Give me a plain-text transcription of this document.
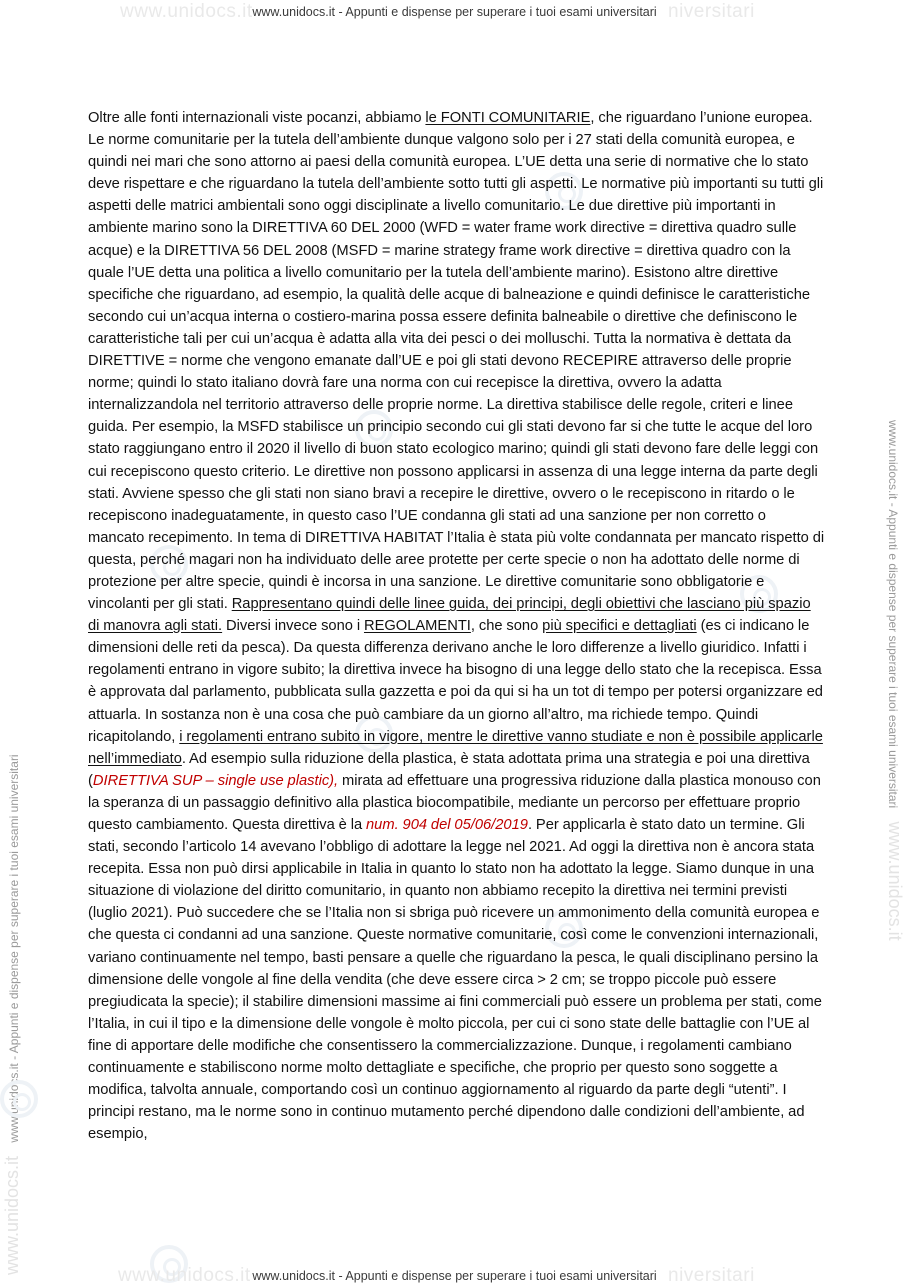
www.unidocs.it	niversitari
www.unidocs.it - Appunti e dispense per superare i tuoi esami universitari
www.unidocs.it    www.unidocs.it - Appunti e dispense per superare i tuoi esami universitari
www.unidocs.it - Appunti e dispense per superare i tuoi esami universitari    www.unidocs.it

Oltre alle fonti internazionali viste pocanzi, abbiamo le FONTI COMUNITARIE, che riguardano l’unione europea. Le norme comunitarie per la tutela dell’ambiente dunque valgono solo per i 27 stati della comunità europea, e quindi nei mari che sono attorno ai paesi della comunità europea. L’UE detta una serie di normative che lo stato deve rispettare e che riguardano la tutela dell’ambiente sotto tutti gli aspetti. Le normative più importanti su tutti gli aspetti delle matrici ambientali sono oggi disciplinate a livello comunitario. Le due direttive più importanti in ambiente marino sono la DIRETTIVA 60 DEL 2000 (WFD = water frame work directive = direttiva quadro sulle acque) e la DIRETTIVA 56 DEL 2008 (MSFD = marine strategy frame work directive = direttiva quadro con la quale l’UE detta una politica a livello comunitario per la tutela dell’ambiente marino). Esistono altre direttive specifiche che riguardano, ad esempio, la qualità delle acque di balneazione e quindi definisce le caratteristiche secondo cui un’acqua interna o costiero-marina possa essere definita balneabile o direttive che definiscono le caratteristiche tali per cui un’acqua è adatta alla vita dei pesci o dei molluschi. Tutta la normativa è dettata da DIRETTIVE = norme che vengono emanate dall’UE e poi gli stati devono RECEPIRE attraverso delle proprie norme; quindi lo stato italiano dovrà fare una norma con cui recepisce la direttiva, ovvero la adatta internalizzandola nel territorio attraverso delle proprie norme. La direttiva stabilisce delle regole, criteri e linee guida. Per esempio, la MSFD stabilisce un principio secondo cui gli stati devono far si che tutte le acque del loro stato raggiungano entro il 2020 il livello di buon stato ecologico marino; quindi gli stati devono fare delle leggi con cui recepiscono questo criterio. Le direttive non possono applicarsi in assenza di una legge interna da parte degli stati. Avviene spesso che gli stati non siano bravi a recepire le direttive, ovvero o le recepiscono in ritardo o le recepiscono inadeguatamente, in questo caso l’UE condanna gli stati ad una sanzione per non corretto o mancato recepimento. In tema di DIRETTIVA HABITAT l’Italia è stata più volte condannata per mancato rispetto di questa, perché magari non ha individuato delle aree protette per certe specie o non ha adottato delle norme di protezione per altre specie, quindi è incorsa in una sanzione. Le direttive comunitarie sono obbligatorie e vincolanti per gli stati. Rappresentano quindi delle linee guida, dei principi, degli obiettivi che lasciano più spazio di manovra agli stati. Diversi invece sono i REGOLAMENTI, che sono più specifici e dettagliati (es ci indicano le dimensioni delle reti da pesca). Da questa differenza derivano anche le loro differenze a livello giuridico. Infatti i regolamenti entrano in vigore subito; la direttiva invece ha bisogno di una legge dello stato che la recepisca. Essa è approvata dal parlamento, pubblicata sulla gazzetta e poi da qui si ha un tot di tempo per potersi organizzare ed attuarla. In sostanza non è una cosa che può cambiare da un giorno all’altro, ma richiede tempo. Quindi ricapitolando, i regolamenti entrano subito in vigore, mentre le direttive vanno studiate e non è possibile applicarle nell’immediato. Ad esempio sulla riduzione della plastica, è stata adottata prima una strategia e poi una direttiva (DIRETTIVA SUP – single use plastic), mirata ad effettuare una progressiva riduzione dalla plastica monouso con la speranza di un passaggio definitivo alla plastica biocompatibile, mediante un percorso per effettuare proprio questo cambiamento. Questa direttiva è la num. 904 del 05/06/2019. Per applicarla è stato dato un termine. Gli stati, secondo l’articolo 14 avevano l’obbligo di adottare la legge nel 2021. Ad oggi la direttiva non è ancora stata recepita. Essa non può dirsi applicabile in Italia in quanto lo stato non ha adottato la legge. Siamo dunque in una situazione di violazione del diritto comunitario, in quanto non abbiamo recepito la direttiva nei termini previsti (luglio 2021). Può succedere che se l’Italia non si sbriga può ricevere un ammonimento della comunità europea e che questa ci condanni ad una sanzione. Queste normative comunitarie, così come le convenzioni internazionali, variano continuamente nel tempo, basti pensare a quelle che riguardano la pesca, le quali disciplinano persino la dimensione delle vongole al fine della vendita (che deve essere circa > 2 cm; se troppo piccole può essere pregiudicata la specie); il stabilire dimensioni massime ai fini commerciali può essere un problema per stati, come l’Italia, in cui il tipo e la dimensione delle vongole è molto piccola, per cui ci sono state delle battaglie con l’UE al fine di apportare delle modifiche che consentissero la commercializzazione. Dunque, i regolamenti cambiano continuamente e stabiliscono norme molto dettagliate e specifiche, che proprio per questo sono soggette a modifica, talvolta annuale, comportando così un continuo aggiornamento al riguardo da parte degli “utenti”. I principi restano, ma le norme sono in continuo mutamento perché dipendono dalle condizioni dell’ambiente, ad esempio,

www.unidocs.it	niversitari
www.unidocs.it - Appunti e dispense per superare i tuoi esami universitari
